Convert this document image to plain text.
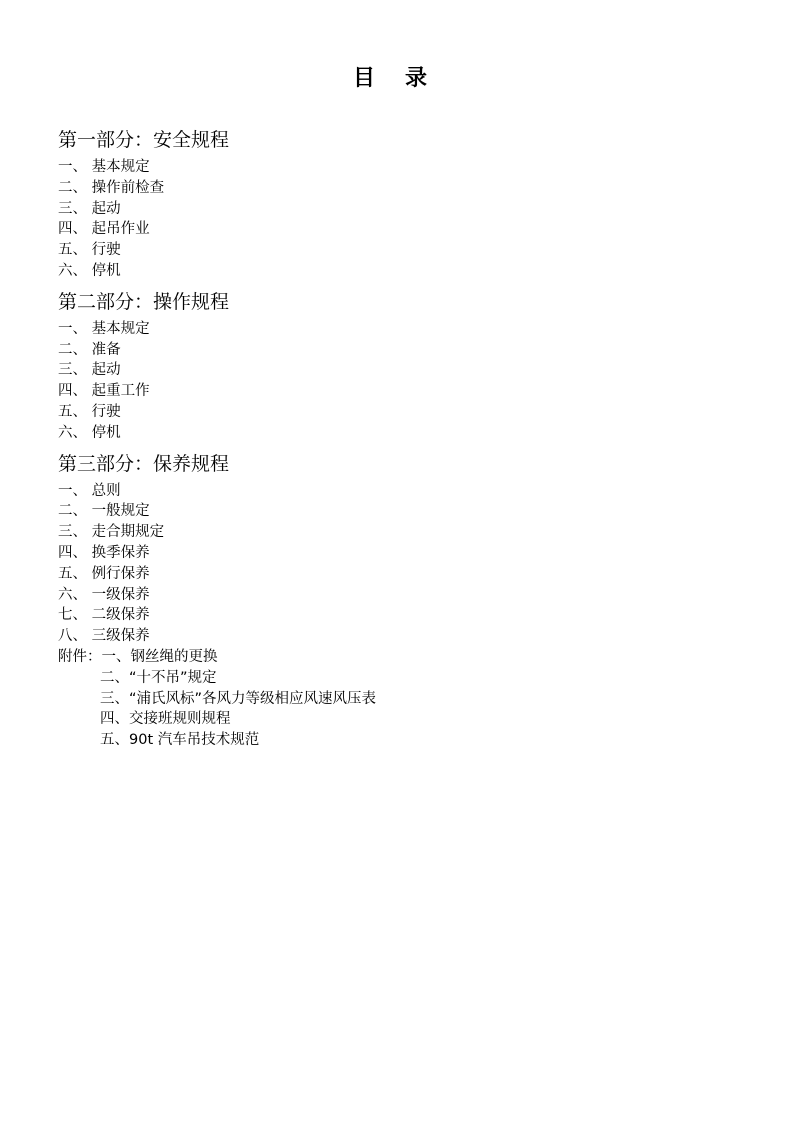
目录
第一部分：安全规程
一、 基本规定
二、 操作前检查
三、 起动
四、 起吊作业
五、 行驶
六、 停机
第二部分：操作规程
一、 基本规定
二、 准备
三、 起动
四、 起重工作
五、 行驶
六、 停机
第三部分：保养规程
一、 总则
二、 一般规定
三、 走合期规定
四、 换季保养
五、 例行保养
六、 一级保养
七、 二级保养
八、 三级保养
附件：一、钢丝绳的更换
二、“十不吊”规定
三、“浦氏风标”各风力等级相应风速风压表
四、交接班规则规程
五、90t 汽车吊技术规范
